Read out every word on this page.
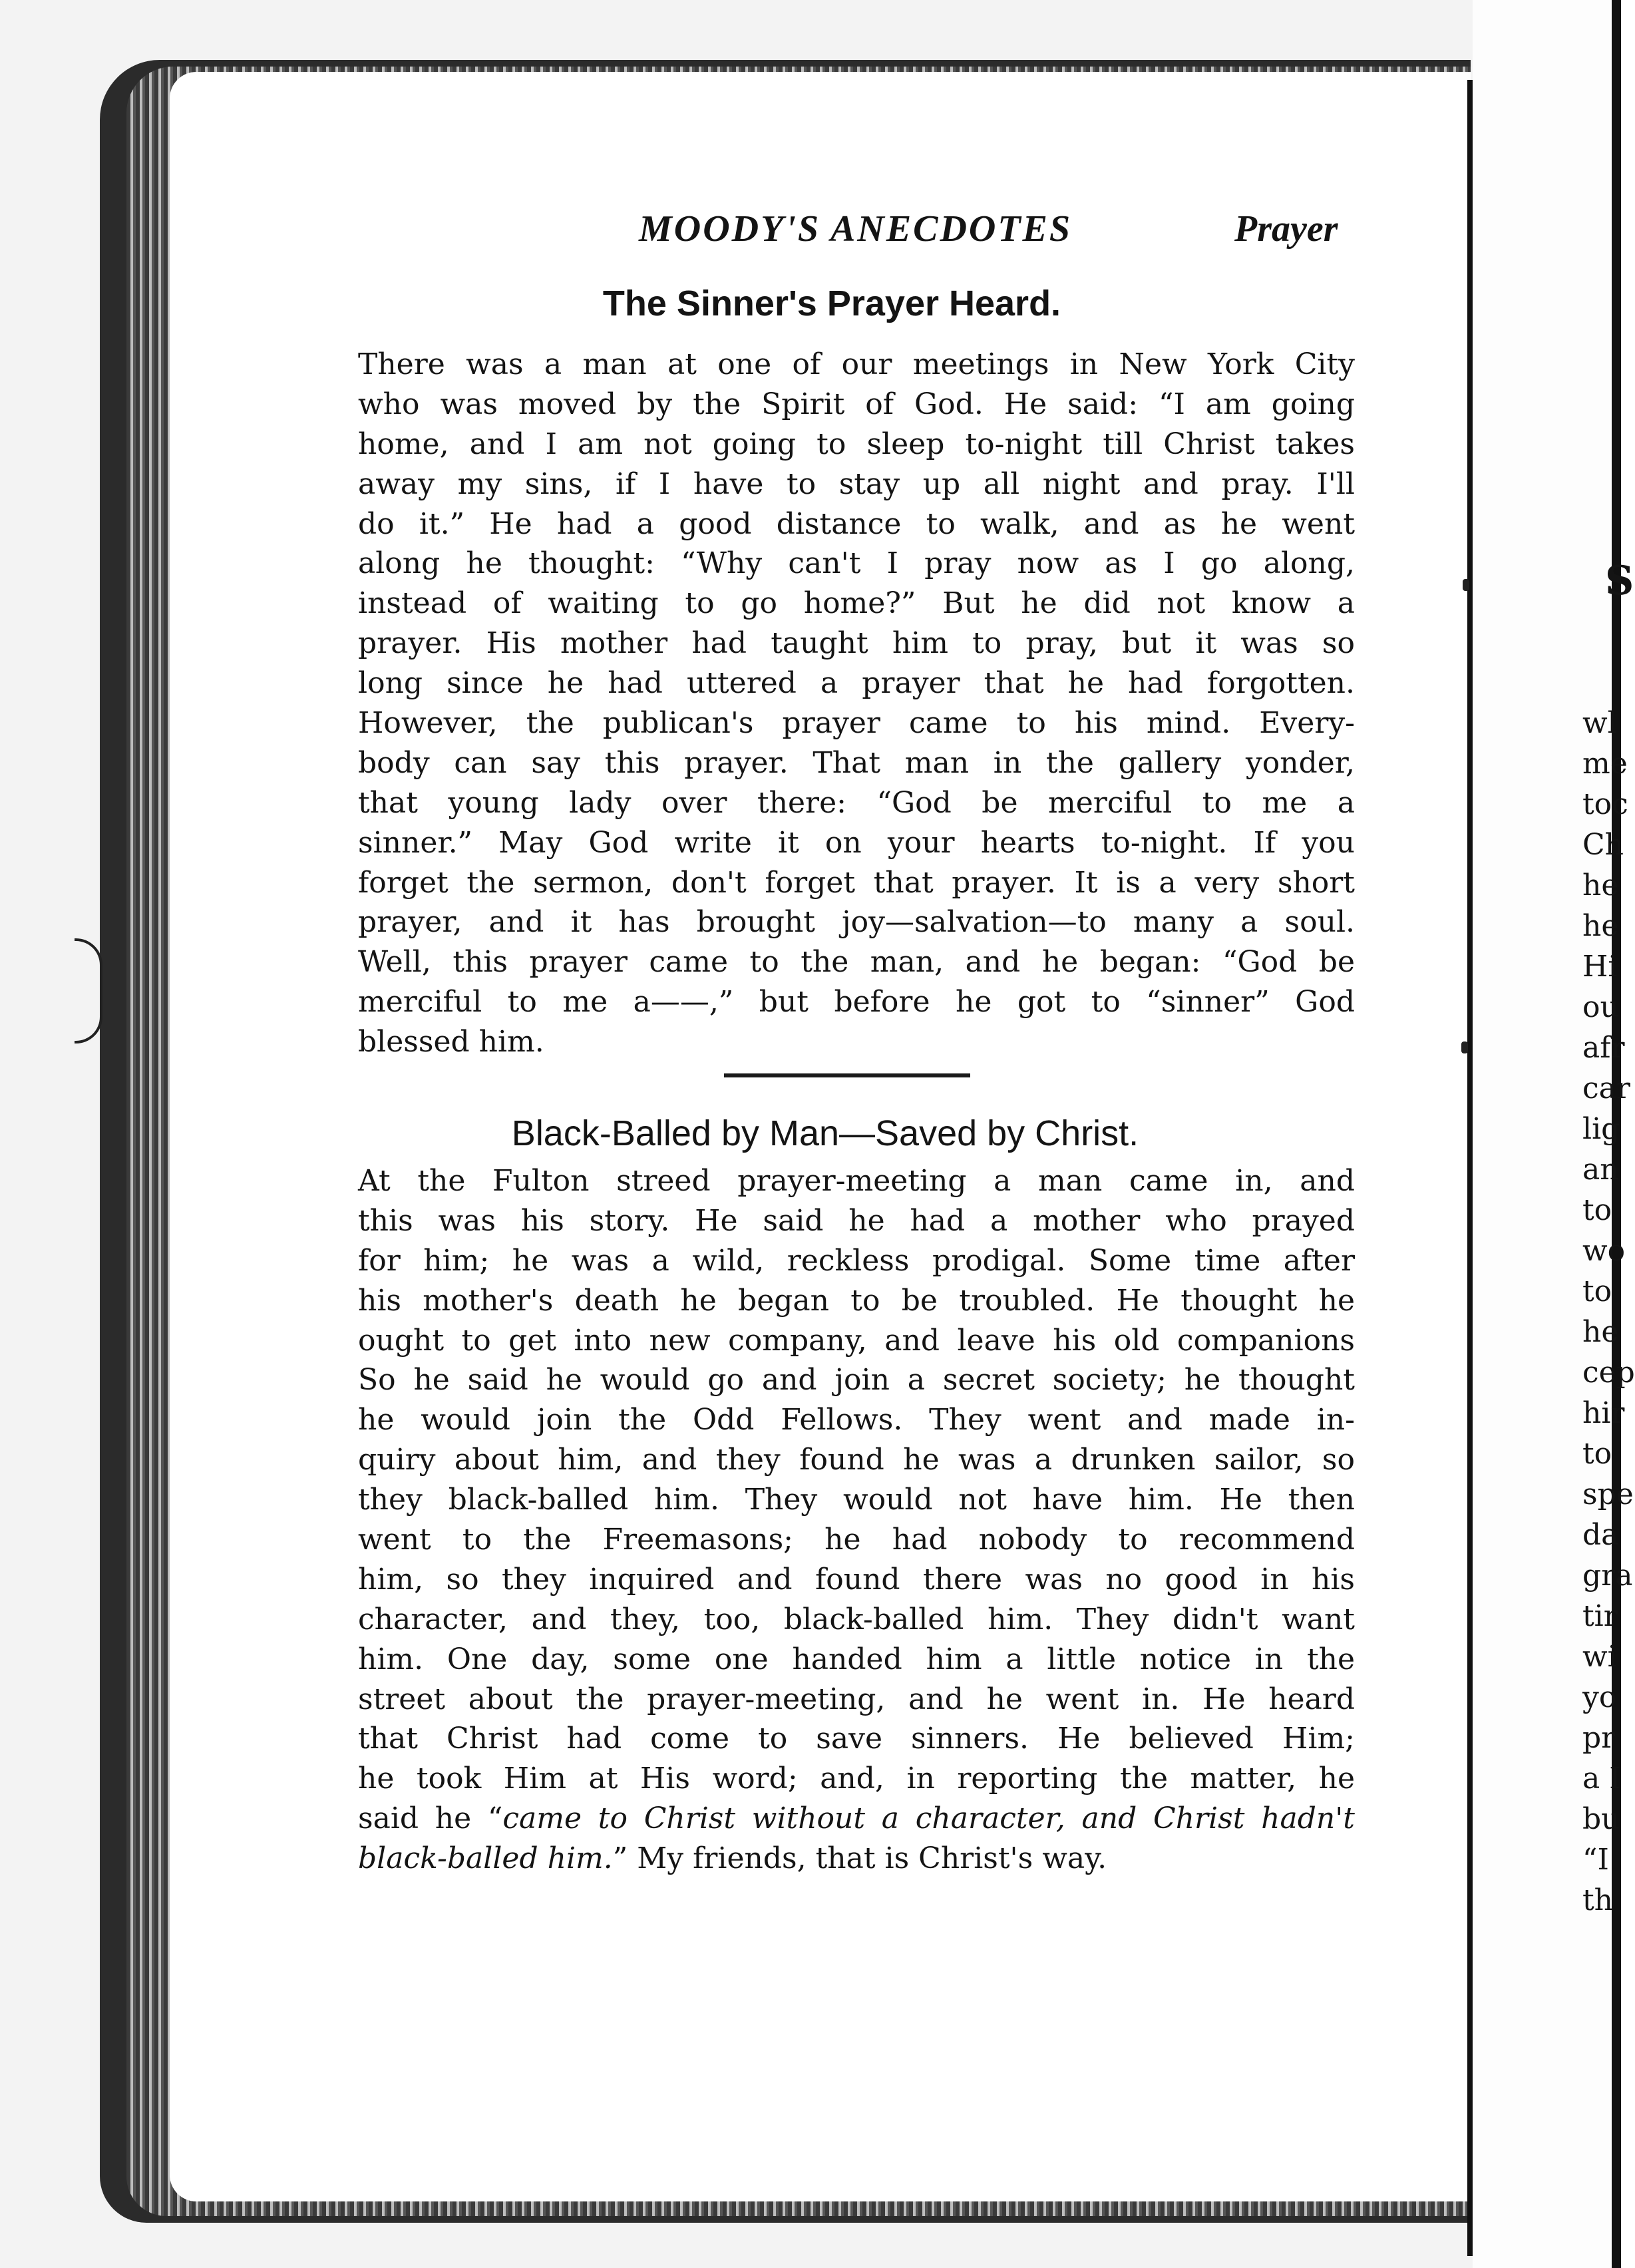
MOODY'S ANECDOTES	Prayer
The Sinner's Prayer Heard.
There was a man at one of our meetings in New York City
who was moved by the Spirit of God. He said: “I am going
home, and I am not going to sleep to-night till Christ takes
away my sins, if I have to stay up all night and pray. I'll
do it.” He had a good distance to walk, and as he went
along he thought: “Why can't I pray now as I go along,
instead of waiting to go home?” But he did not know a
prayer. His mother had taught him to pray, but it was so
long since he had uttered a prayer that he had forgotten.
However, the publican's prayer came to his mind. Every-
body can say this prayer. That man in the gallery yonder,
that young lady over there: “God be merciful to me a
sinner.” May God write it on your hearts to-night. If you
forget the sermon, don't forget that prayer. It is a very short
prayer, and it has brought joy—salvation—to many a soul.
Well, this prayer came to the man, and he began: “God be
merciful to me a——,” but before he got to “sinner” God
blessed him.
Black-Balled by Man—Saved by Christ.
At the Fulton streed prayer-meeting a man came in, and
this was his story. He said he had a mother who prayed
for him; he was a wild, reckless prodigal. Some time after
his mother's death he began to be troubled. He thought he
ought to get into new company, and leave his old companions
So he said he would go and join a secret society; he thought
he would join the Odd Fellows. They went and made in-
quiry about him, and they found he was a drunken sailor, so
they black-balled him. They would not have him. He then
went to the Freemasons; he had nobody to recommend
him, so they inquired and found there was no good in his
character, and they, too, black-balled him. They didn't want
him. One day, some one handed him a little notice in the
street about the prayer-meeting, and he went in. He heard
that Christ had come to save sinners. He believed Him;
he took Him at His word; and, in reporting the matter, he
said he “came to Christ without a character, and Christ hadn't
black-balled him.” My friends, that is Christ's way.
S
wl
me
toc
Ch
he
he
Hi
ou
afr
car
lig
an
to
wo
to
he
cep
hir
to
spe
da
gra
tir
wi
yo
pr
a I
bu
“I
th
